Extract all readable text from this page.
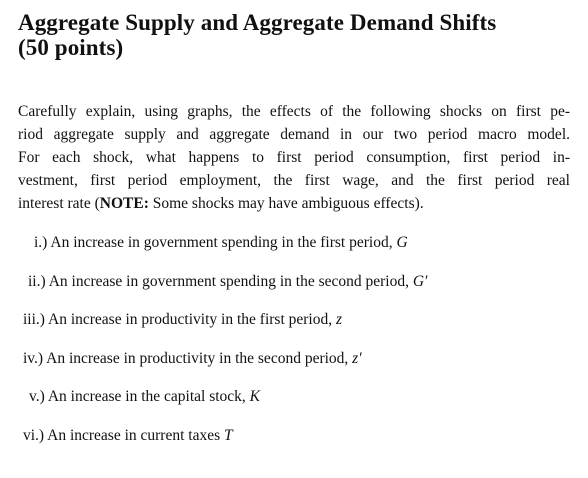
Aggregate Supply and Aggregate Demand Shifts
(50 points)
Carefully explain, using graphs, the effects of the following shocks on first pe-
riod aggregate supply and aggregate demand in our two period macro model.
For each shock, what happens to first period consumption, first period in-
vestment, first period employment, the first wage, and the first period real
interest rate (NOTE: Some shocks may have ambiguous effects).
i.) An increase in government spending in the first period, G
ii.) An increase in government spending in the second period, G′
iii.) An increase in productivity in the first period, z
iv.) An increase in productivity in the second period, z′
v.) An increase in the capital stock, K
vi.) An increase in current taxes T
